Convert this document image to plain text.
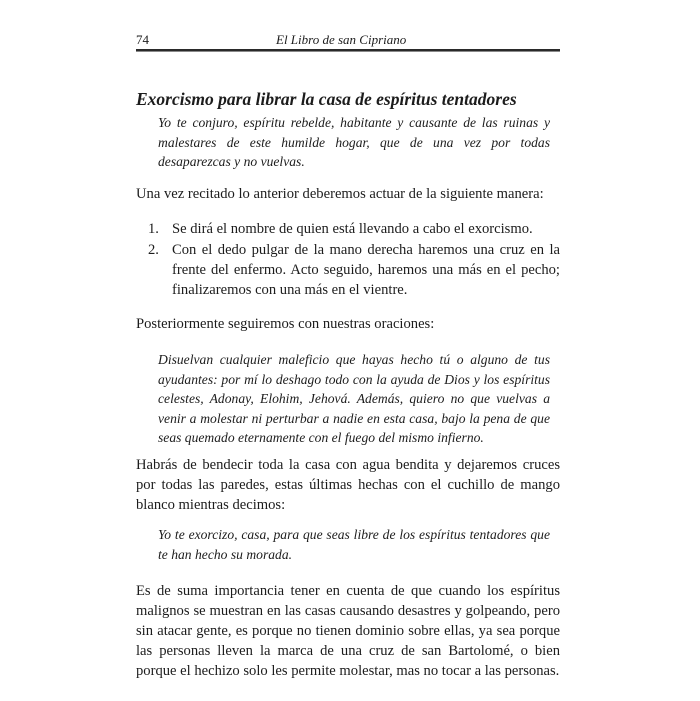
74	El Libro de san Cipriano
Exorcismo para librar la casa de espíritus tentadores

Yo te conjuro, espíritu rebelde, habitante y causante de las ruinas y malestares de este humilde hogar, que de una vez por todas desaparezcas y no vuelvas.

Una vez recitado lo anterior deberemos actuar de la siguiente manera:

1. Se dirá el nombre de quien está llevando a cabo el exorcismo.
2. Con el dedo pulgar de la mano derecha haremos una cruz en la frente del enfermo. Acto seguido, haremos una más en el pecho; finalizaremos con una más en el vientre.

Posteriormente seguiremos con nuestras oraciones:

Disuelvan cualquier maleficio que hayas hecho tú o alguno de tus ayudantes: por mí lo deshago todo con la ayuda de Dios y los espíritus celestes, Adonay, Elohim, Jehová. Además, quiero no que vuelvas a venir a molestar ni perturbar a nadie en esta casa, bajo la pena de que seas quemado eternamente con el fuego del mismo infierno.

Habrás de bendecir toda la casa con agua bendita y dejaremos cruces por todas las paredes, estas últimas hechas con el cuchillo de mango blanco mientras decimos:

Yo te exorcizo, casa, para que seas libre de los espíritus tentadores que te han hecho su morada.

Es de suma importancia tener en cuenta de que cuando los espíritus malignos se muestran en las casas causando desastres y golpeando, pero sin atacar gente, es porque no tienen dominio sobre ellas, ya sea porque las personas lleven la marca de una cruz de san Bartolomé, o bien porque el hechizo solo les permite molestar, mas no tocar a las personas.
